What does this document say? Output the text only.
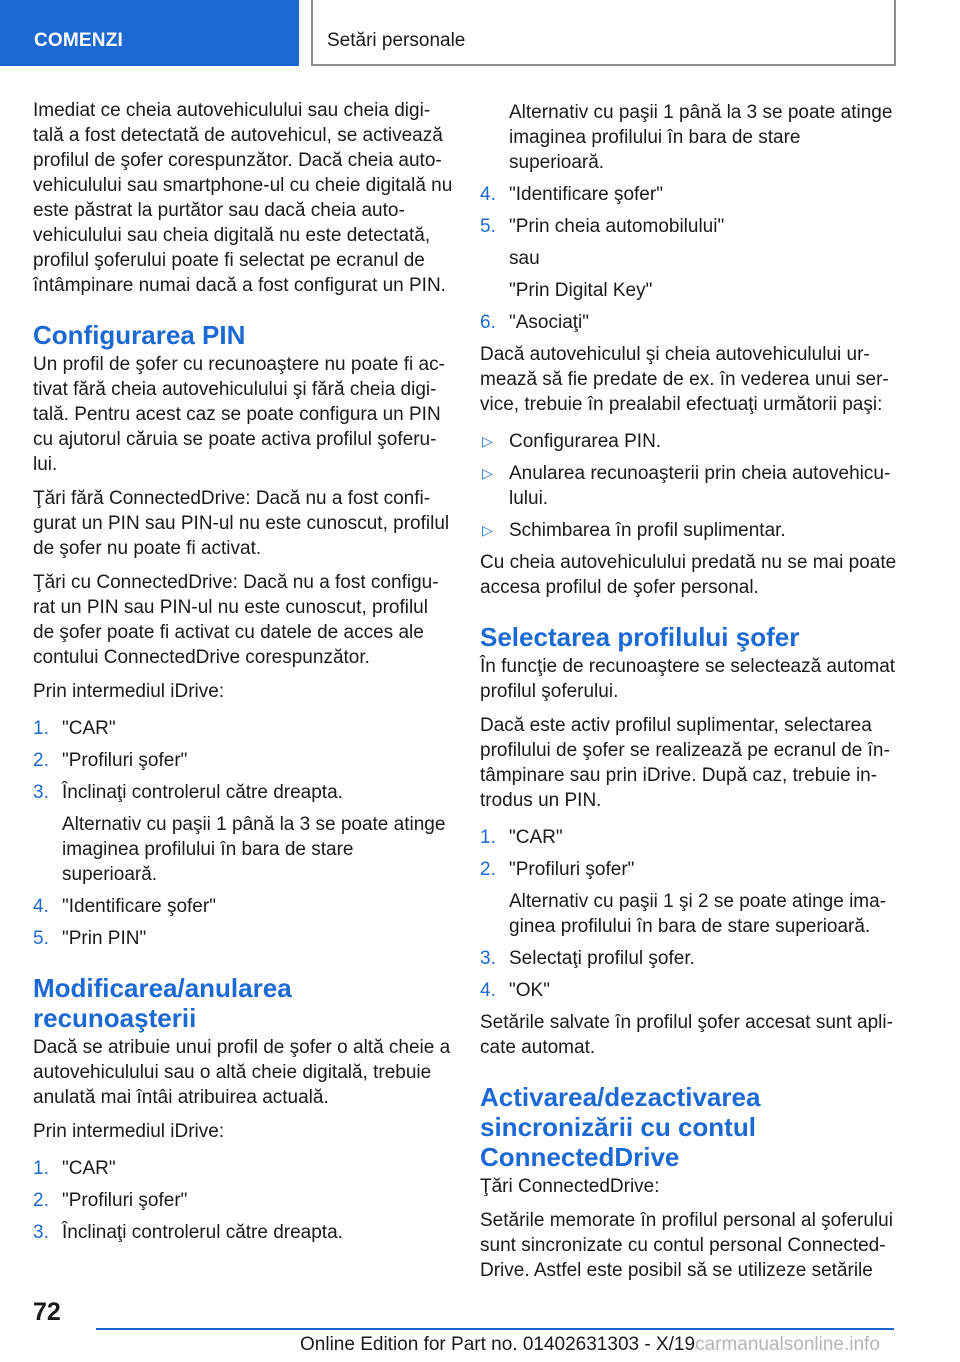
COMENZI	Setări personale
Imediat ce cheia autovehiculului sau cheia digitală a fost detectată de autovehicul, se activează profilul de şofer corespunzător. Dacă cheia autovehiculului sau smartphone-ul cu cheie digitală nu este păstrat la purtător sau dacă cheia autovehiculului sau cheia digitală nu este detectată, profilul şoferului poate fi selectat pe ecranul de întâmpinare numai dacă a fost configurat un PIN.
Configurarea PIN
Un profil de şofer cu recunoaştere nu poate fi activat fără cheia autovehiculului şi fără cheia digitală. Pentru acest caz se poate configura un PIN cu ajutorul căruia se poate activa profilul şoferului.
Ţări fără ConnectedDrive: Dacă nu a fost configurat un PIN sau PIN-ul nu este cunoscut, profilul de şofer nu poate fi activat.
Ţări cu ConnectedDrive: Dacă nu a fost configurat un PIN sau PIN-ul nu este cunoscut, profilul de şofer poate fi activat cu datele de acces ale contului ConnectedDrive corespunzător.
Prin intermediul iDrive:
1. "CAR"
2. "Profiluri şofer"
3. Înclinaţi controlerul către dreapta.
Alternativ cu paşii 1 până la 3 se poate atinge imaginea profilului în bara de stare superioară.
4. "Identificare şofer"
5. "Prin PIN"
Modificarea/anularea recunoaşterii
Dacă se atribuie unui profil de şofer o altă cheie a autovehiculului sau o altă cheie digitală, trebuie anulată mai întâi atribuirea actuală.
Prin intermediul iDrive:
1. "CAR"
2. "Profiluri şofer"
3. Înclinaţi controlerul către dreapta.
Alternativ cu paşii 1 până la 3 se poate atinge imaginea profilului în bara de stare superioară.
4. "Identificare şofer"
5. "Prin cheia automobilului"
sau
"Prin Digital Key"
6. "Asociaţi"
Dacă autovehiculul şi cheia autovehiculului urmează să fie predate de ex. în vederea unui service, trebuie în prealabil efectuaţi următorii paşi:
▷ Configurarea PIN.
▷ Anularea recunoaşterii prin cheia autovehiculului.
▷ Schimbarea în profil suplimentar.
Cu cheia autovehiculului predată nu se mai poate accesa profilul de şofer personal.
Selectarea profilului şofer
În funcţie de recunoaştere se selectează automat profilul şoferului.
Dacă este activ profilul suplimentar, selectarea profilului de şofer se realizează pe ecranul de întâmpinare sau prin iDrive. După caz, trebuie introdus un PIN.
1. "CAR"
2. "Profiluri şofer"
Alternativ cu paşii 1 şi 2 se poate atinge imaginea profilului în bara de stare superioară.
3. Selectaţi profilul şofer.
4. "OK"
Setările salvate în profilul şofer accesat sunt aplicate automat.
Activarea/dezactivarea sincronizării cu contul ConnectedDrive
Ţări ConnectedDrive:
Setările memorate în profilul personal al şoferului sunt sincronizate cu contul personal ConnectedDrive. Astfel este posibil să se utilizeze setările
72
Online Edition for Part no. 01402631303 - X/19carmanualsonline.info
